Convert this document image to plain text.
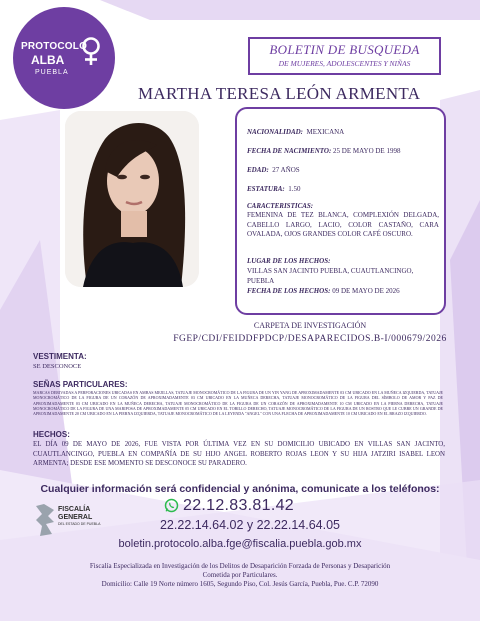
PROTOCOLO
ALBA
PUEBLA
BOLETIN DE BUSQUEDA
DE MUJERES, ADOLESCENTES Y NIÑAS
MARTHA TERESA LEÓN ARMENTA
NACIONALIDAD: MEXICANA
FECHA DE NACIMIENTO: 25 DE MAYO DE 1998
EDAD: 27 AÑOS
ESTATURA: 1.50
CARACTERISTICAS:
FEMENINA DE TEZ BLANCA, COMPLEXIÓN DELGADA, CABELLO LARGO, LACIO, COLOR CASTAÑO, CARA OVALADA, OJOS GRANDES COLOR CAFÉ OSCURO.
LUGAR DE LOS HECHOS:
VILLAS SAN JACINTO PUEBLA, CUAUTLANCINGO, PUEBLA
FECHA DE LOS HECHOS: 09 DE MAYO DE 2026
CARPETA DE INVESTIGACIÓN
FGEP/CDI/FEIDDFPDCP/DESAPARECIDOS.B-I/000679/2026
VESTIMENTA:
SE DESCONOCE
SEÑAS PARTICULARES:
MARCAS DERIVADAS A PERFORACIONES UBICADAS EN AMBAS MEJILLAS, TATUAJE MONOCROMÁTICO DE LA FIGURA DE UN YIN YANG DE APROXIMADAMENTE 03 CM UBICADO EN LA MUÑECA IZQUIERDA, TATUAJE MONOCROMÁTICO DE LA FIGURA DE UN CORAZÓN DE APROXIMADAMENTE 03 CM UBICADO EN LA MUÑECA DERECHA, TATUAJE MONOCROMÁTICO DE LA FIGURA DEL SÍMBOLO DE AMOR Y PAZ DE APROXIMADAMENTE 03 CM UBICADO EN LA MUÑECA DERECHA, TATUAJE MONOCROMÁTICO DE LA FIGURA DE UN CORAZÓN DE APROXIMADAMENTE 10 CM UBICADO EN LA PIERNA DERECHA, TATUAJE MONOCROMÁTICO DE LA FIGURA DE UNA MARIPOSA DE APROXIMADAMENTE 05 CM UBICADO EN EL TOBILLO DERECHO, TATUAJE MONOCROMÁTICO DE LA FIGURA DE UN ROSTRO QUE LE CUBRE UN GRANDE DE APROXIMADAMENTE 20 CM UBICADO EN LA PIERNA IZQUIERDA, TATUAJE MONOCROMÁTICO DE LA LEYENDA "ANGEL" CON UNA FLECHA DE APROXIMADAMENTE 10 CM UBICADO EN EL BRAZO IZQUIERDO.
HECHOS:
EL DÍA 09 DE MAYO DE 2026, FUE VISTA POR ÚLTIMA VEZ EN SU DOMICILIO UBICADO EN VILLAS SAN JACINTO, CUAUTLANCINGO, PUEBLA EN COMPAÑÍA DE SU HIJO ANGEL ROBERTO ROJAS LEON Y SU HIJA JATZIRI ISABEL LEON ARMENTA; DESDE ESE MOMENTO SE DESCONOCE SU PARADERO.
Cualquier información será confidencial y anónima, comunicate a los teléfonos:
FISCALÍA
GENERAL
DEL ESTADO DE PUEBLA
22.12.83.81.42
22.22.14.64.02 y 22.22.14.64.05
boletin.protocolo.alba.fge@fiscalia.puebla.gob.mx
Fiscalía Especializada en Investigación de los Delitos de Desaparición Forzada de Personas y Desaparición
Cometida por Particulares.
Domicilio: Calle 19 Norte número 1605, Segundo Piso, Col. Jesús García, Puebla, Pue. C.P. 72090
